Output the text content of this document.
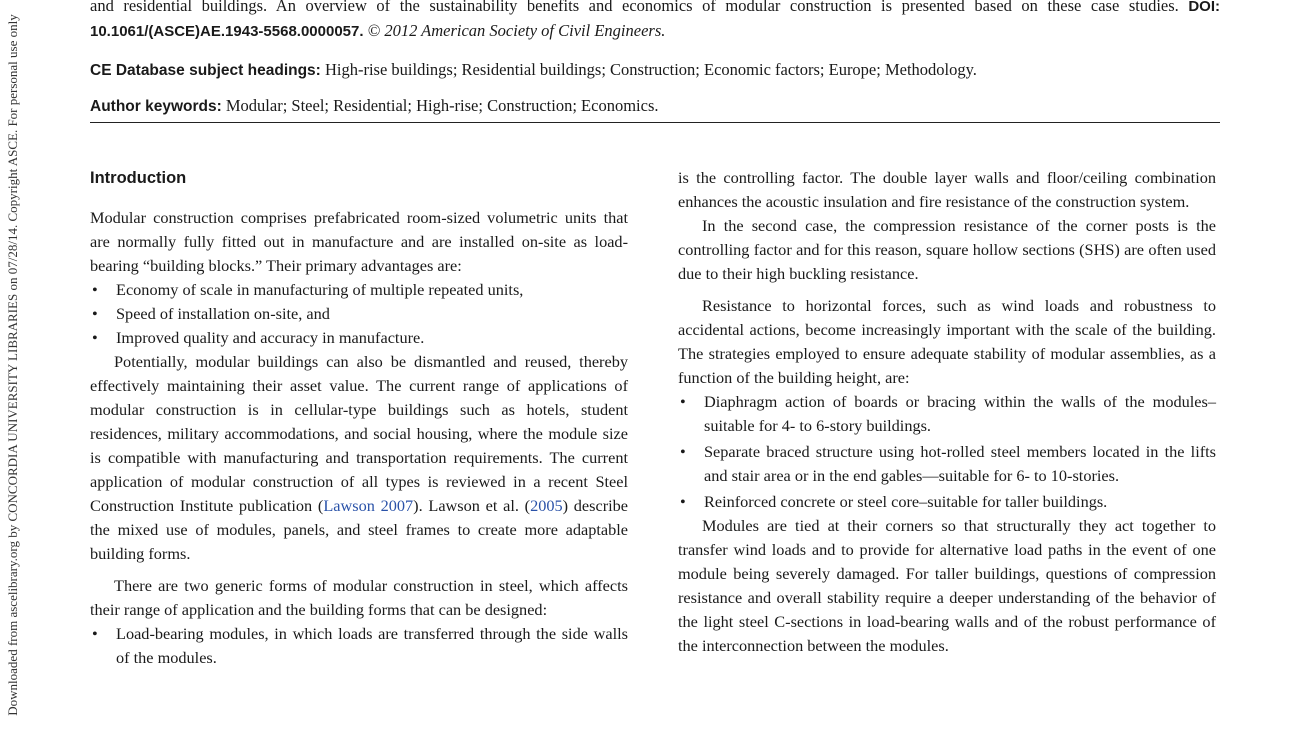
Downloaded from ascelibrary.org by CONCORDIA UNIVERSITY LIBRARIES on 07/28/14. Copyright ASCE. For personal use only
and residential buildings. An overview of the sustainability benefits and economics of modular construction is presented based on these case studies. DOI: 10.1061/(ASCE)AE.1943-5568.0000057. © 2012 American Society of Civil Engineers.
CE Database subject headings: High-rise buildings; Residential buildings; Construction; Economic factors; Europe; Methodology.
Author keywords: Modular; Steel; Residential; High-rise; Construction; Economics.
Introduction

Modular construction comprises prefabricated room-sized volumetric units that are normally fully fitted out in manufacture and are installed on-site as load-bearing “building blocks.” Their primary advantages are:

• Economy of scale in manufacturing of multiple repeated units,
• Speed of installation on-site, and
• Improved quality and accuracy in manufacture.

Potentially, modular buildings can also be dismantled and reused, thereby effectively maintaining their asset value. The current range of applications of modular construction is in cellular-type buildings such as hotels, student residences, military accommodations, and social housing, where the module size is compatible with manufacturing and transportation requirements. The current application of modular construction of all types is reviewed in a recent Steel Construction Institute publication (Lawson 2007). Lawson et al. (2005) describe the mixed use of modules, panels, and steel frames to create more adaptable building forms.

There are two generic forms of modular construction in steel, which affects their range of application and the building forms that can be designed:

• Load-bearing modules, in which loads are transferred through the side walls of the modules.

is the controlling factor. The double layer walls and floor/ceiling combination enhances the acoustic insulation and fire resistance of the construction system.

In the second case, the compression resistance of the corner posts is the controlling factor and for this reason, square hollow sections (SHS) are often used due to their high buckling resistance.

Resistance to horizontal forces, such as wind loads and robustness to accidental actions, become increasingly important with the scale of the building. The strategies employed to ensure adequate stability of modular assemblies, as a function of the building height, are:

• Diaphragm action of boards or bracing within the walls of the modules–suitable for 4- to 6-story buildings.
• Separate braced structure using hot-rolled steel members located in the lifts and stair area or in the end gables—suitable for 6- to 10-stories.
• Reinforced concrete or steel core–suitable for taller buildings.

Modules are tied at their corners so that structurally they act together to transfer wind loads and to provide for alternative load paths in the event of one module being severely damaged. For taller buildings, questions of compression resistance and overall stability require a deeper understanding of the behavior of the light steel C-sections in load-bearing walls and of the robust performance of the interconnection between the modules.
